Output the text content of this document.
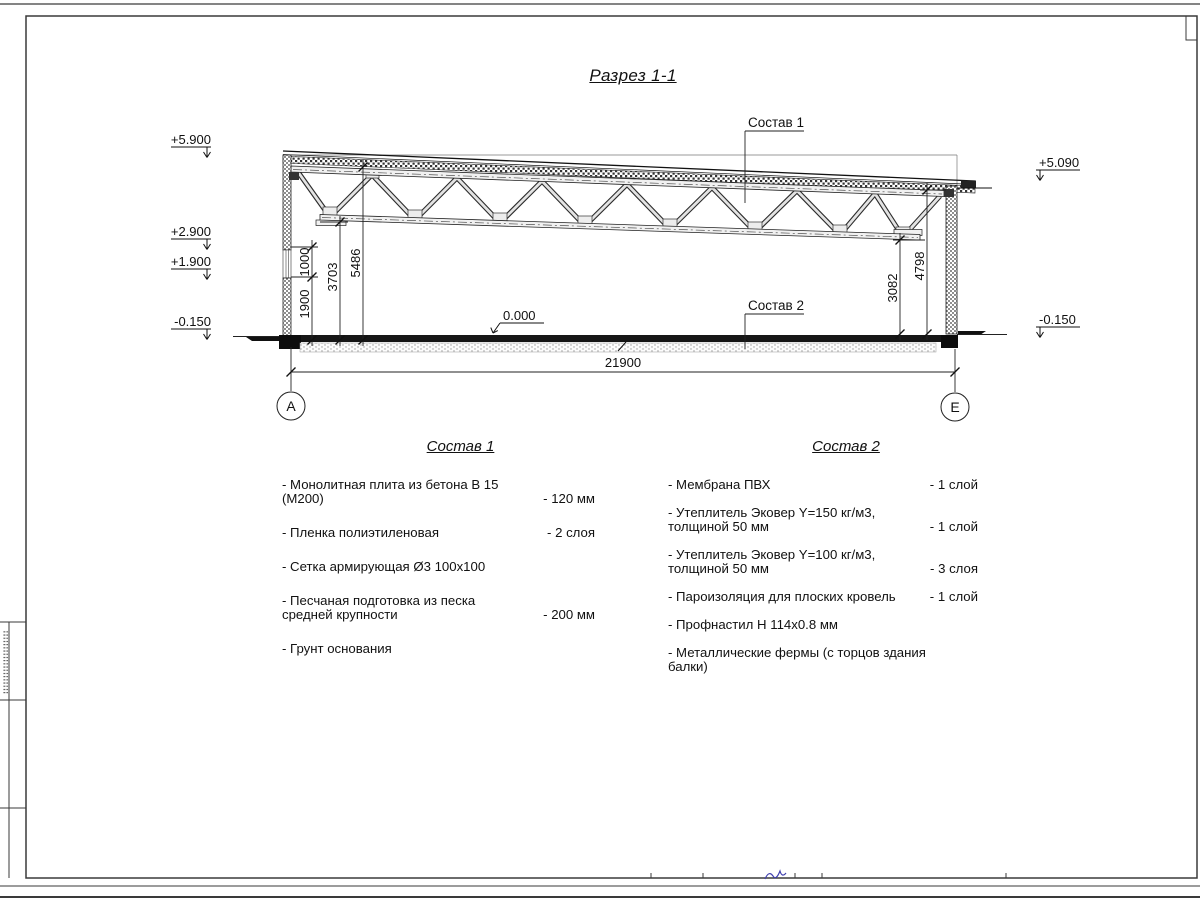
Разрез 1-1
1000
1900
3703 5486
3082
4798
21900
+5.900
+2.900
+1.900
-0.150
+5.090
-0.150
0.000
Состав 1
Состав 2
A	E
Состав 1
- Монолитная плита из бетона В 15 (М200)	- 120 мм
- Пленка полиэтиленовая	- 2 слоя
- Сетка армирующая Ø3 100х100
- Песчаная подготовка из песка средней крупности	- 200 мм
- Грунт основания
Состав 2
- Мембрана ПВХ	- 1 слой
- Утеплитель Эковер Y=150 кг/м3, толщиной 50 мм	- 1 слой
- Утеплитель Эковер Y=100 кг/м3, толщиной 50 мм	- 3 слоя
- Пароизоляция для плоских кровель	- 1 слой
- Профнастил Н 114х0.8 мм
- Металлические фермы (с торцов здания балки)
